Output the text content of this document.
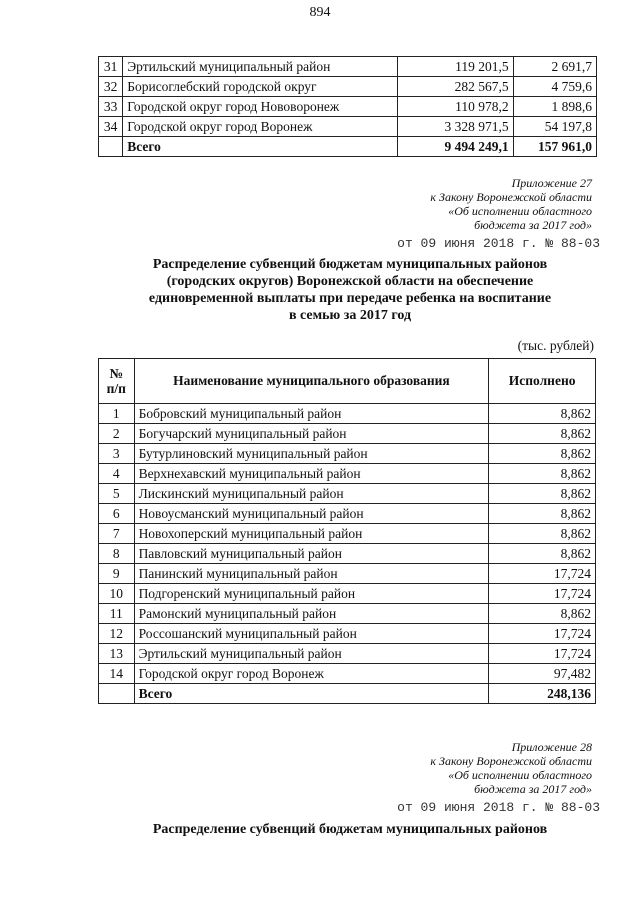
894
31	Эртильский муниципальный район	119 201,5	2 691,7
32	Борисоглебский городской округ	282 567,5	4 759,6
33	Городской округ город Нововоронеж	110 978,2	1 898,6
34	Городской округ город Воронеж	3 328 971,5	54 197,8
	Всего	9 494 249,1	157 961,0
Приложение 27
к Закону Воронежской области
«Об исполнении областного
бюджета за 2017 год»
от 09 июня 2018 г. № 88-03
Распределение субвенций бюджетам муниципальных районов
(городских округов) Воронежской области на обеспечение
единовременной выплаты при передаче ребенка на воспитание
в семью за 2017 год
(тыс. рублей)
№
п/п	Наименование муниципального образования	Исполнено
1	Бобровский муниципальный район	8,862
2	Богучарский муниципальный район	8,862
3	Бутурлиновский муниципальный район	8,862
4	Верхнехавский муниципальный район	8,862
5	Лискинский муниципальный район	8,862
6	Новоусманский муниципальный район	8,862
7	Новохоперский муниципальный район	8,862
8	Павловский муниципальный район	8,862
9	Панинский муниципальный район	17,724
10	Подгоренский муниципальный район	17,724
11	Рамонский муниципальный район	8,862
12	Россошанский муниципальный район	17,724
13	Эртильский муниципальный район	17,724
14	Городской округ город Воронеж	97,482
	Всего	248,136
Приложение 28
к Закону Воронежской области
«Об исполнении областного
бюджета за 2017 год»
от 09 июня 2018 г. № 88-03
Распределение субвенций бюджетам муниципальных районов
